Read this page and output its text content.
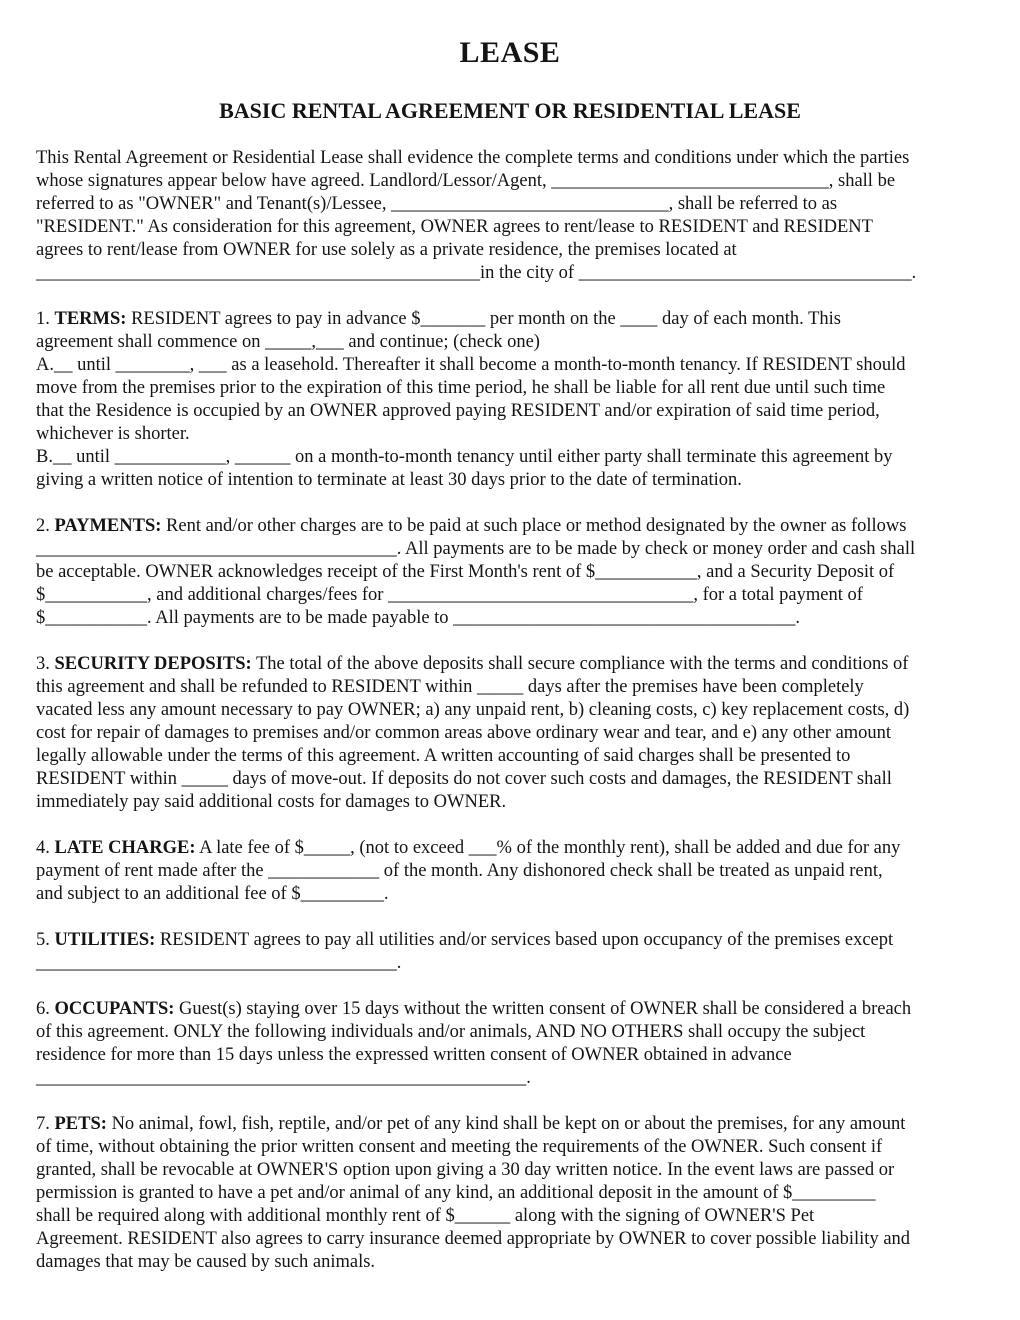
LEASE
BASIC RENTAL AGREEMENT OR RESIDENTIAL LEASE

This Rental Agreement or Residential Lease shall evidence the complete terms and conditions under which the parties

whose signatures appear below have agreed. Landlord/Lessor/Agent, ______________________________, shall be

referred to as "OWNER" and Tenant(s)/Lessee, ______________________________, shall be referred to as

"RESIDENT." As consideration for this agreement, OWNER agrees to rent/lease to RESIDENT and RESIDENT

agrees to rent/lease from OWNER for use solely as a private residence, the premises located at

________________________________________________in the city of ____________________________________.

1. TERMS: RESIDENT agrees to pay in advance $_______ per month on the ____ day of each month. This

agreement shall commence on _____,___ and continue; (check one)

A.__ until ________, ___ as a leasehold. Thereafter it shall become a month-to-month tenancy. If RESIDENT should

move from the premises prior to the expiration of this time period, he shall be liable for all rent due until such time

that the Residence is occupied by an OWNER approved paying RESIDENT and/or expiration of said time period,

whichever is shorter.

B.__ until ____________, ______ on a month-to-month tenancy until either party shall terminate this agreement by

giving a written notice of intention to terminate at least 30 days prior to the date of termination.

2. PAYMENTS: Rent and/or other charges are to be paid at such place or method designated by the owner as follows

_______________________________________. All payments are to be made by check or money order and cash shall

be acceptable. OWNER acknowledges receipt of the First Month's rent of $___________, and a Security Deposit of

$___________, and additional charges/fees for _________________________________, for a total payment of

$___________. All payments are to be made payable to _____________________________________.

3. SECURITY DEPOSITS: The total of the above deposits shall secure compliance with the terms and conditions of

this agreement and shall be refunded to RESIDENT within _____ days after the premises have been completely

vacated less any amount necessary to pay OWNER; a) any unpaid rent, b) cleaning costs, c) key replacement costs, d)

cost for repair of damages to premises and/or common areas above ordinary wear and tear, and e) any other amount

legally allowable under the terms of this agreement. A written accounting of said charges shall be presented to

RESIDENT within _____ days of move-out. If deposits do not cover such costs and damages, the RESIDENT shall

immediately pay said additional costs for damages to OWNER.

4. LATE CHARGE: A late fee of $_____, (not to exceed ___% of the monthly rent), shall be added and due for any

payment of rent made after the ____________ of the month. Any dishonored check shall be treated as unpaid rent,

and subject to an additional fee of $_________.

5. UTILITIES: RESIDENT agrees to pay all utilities and/or services based upon occupancy of the premises except

_______________________________________.

6. OCCUPANTS: Guest(s) staying over 15 days without the written consent of OWNER shall be considered a breach

of this agreement. ONLY the following individuals and/or animals, AND NO OTHERS shall occupy the subject

residence for more than 15 days unless the expressed written consent of OWNER obtained in advance

_____________________________________________________.

7. PETS: No animal, fowl, fish, reptile, and/or pet of any kind shall be kept on or about the premises, for any amount

of time, without obtaining the prior written consent and meeting the requirements of the OWNER. Such consent if

granted, shall be revocable at OWNER'S option upon giving a 30 day written notice. In the event laws are passed or

permission is granted to have a pet and/or animal of any kind, an additional deposit in the amount of $_________

shall be required along with additional monthly rent of $______ along with the signing of OWNER'S Pet

Agreement. RESIDENT also agrees to carry insurance deemed appropriate by OWNER to cover possible liability and

damages that may be caused by such animals.
